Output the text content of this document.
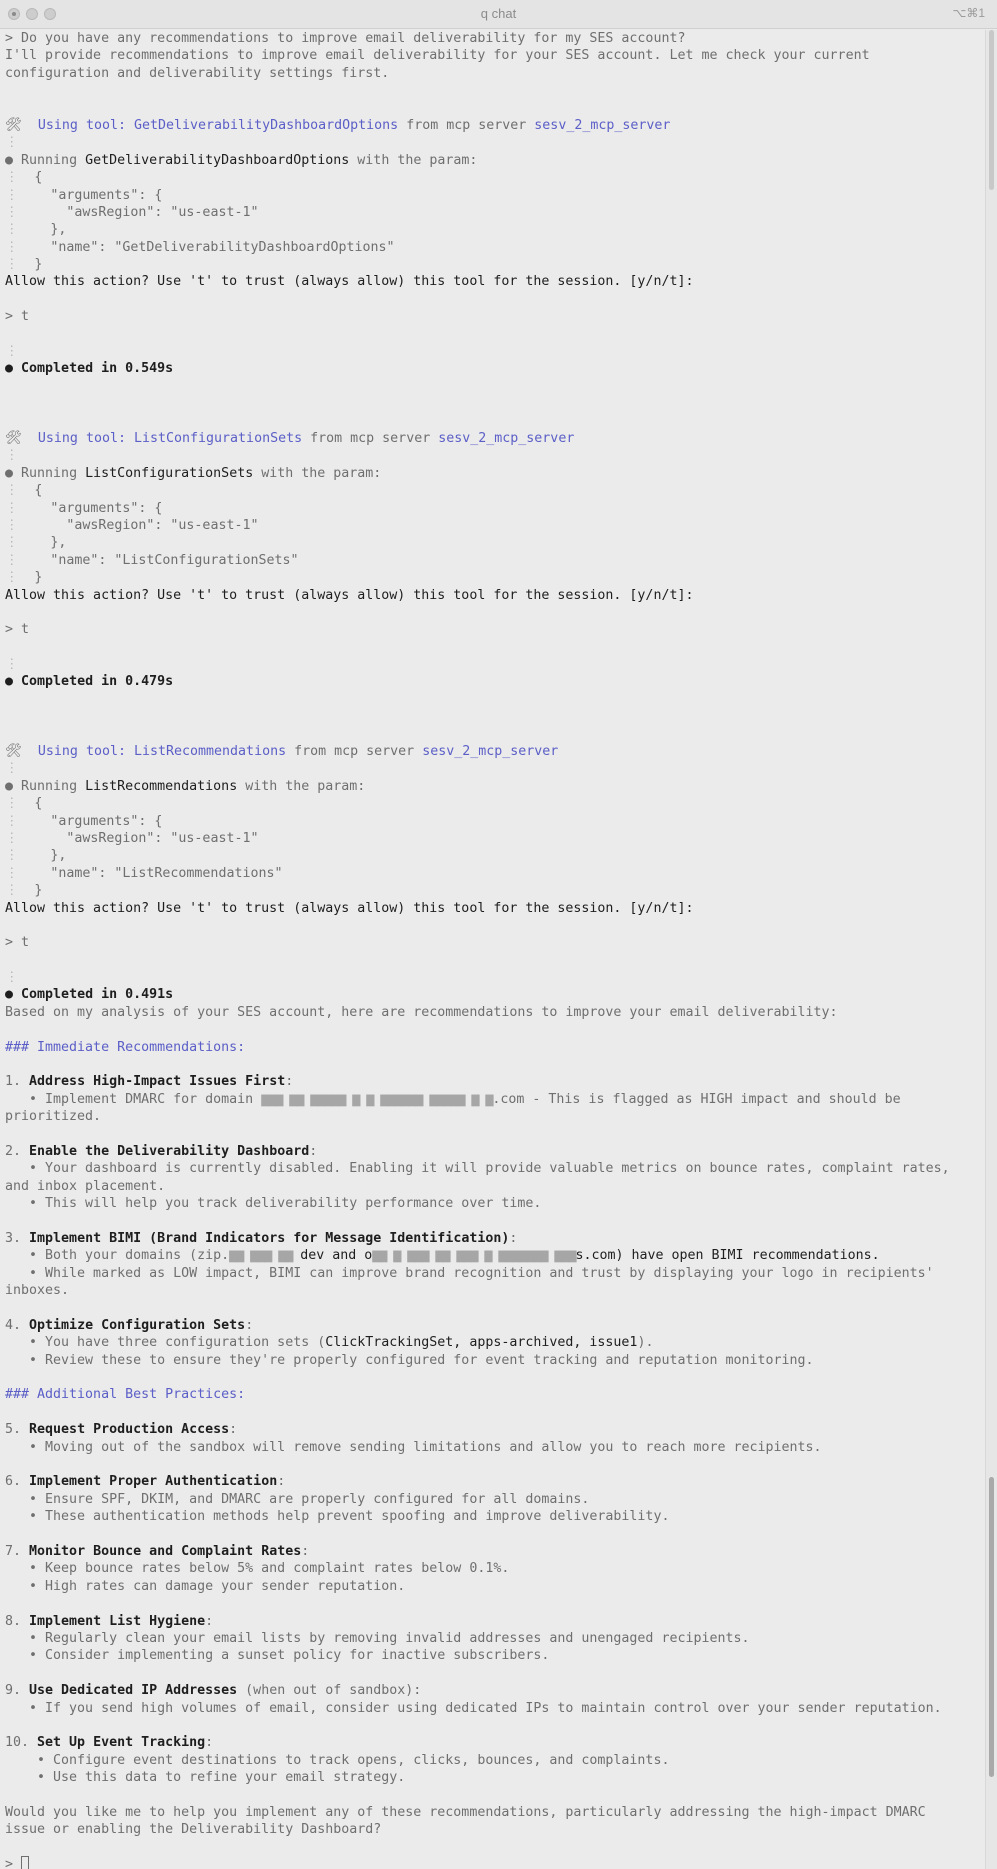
q chat	⌥⌘1
> Do you have any recommendations to improve email deliverability for my SES account?
I'll provide recommendations to improve email deliverability for your SES account. Let me check your current
configuration and deliverability settings first.
🛠 Using tool: GetDeliverabilityDashboardOptions from mcp server sesv_2_mcp_server
⋮
● Running GetDeliverabilityDashboardOptions with the param:
⋮ {
⋮ "arguments": {
⋮	"awsRegion": "us-east-1"
⋮ },
⋮ "name": "GetDeliverabilityDashboardOptions"
⋮ }
Allow this action? Use 't' to trust (always allow) this tool for the session. [y/n/t]:
> t
⋮
● Completed in 0.549s
🛠 Using tool: ListConfigurationSets from mcp server sesv_2_mcp_server
⋮
● Running ListConfigurationSets with the param:
⋮ {
⋮ "arguments": {
⋮	"awsRegion": "us-east-1"
⋮ },
⋮ "name": "ListConfigurationSets"
⋮ }
Allow this action? Use 't' to trust (always allow) this tool for the session. [y/n/t]:
> t
⋮
● Completed in 0.479s
🛠 Using tool: ListRecommendations from mcp server sesv_2_mcp_server
⋮
● Running ListRecommendations with the param:
⋮ {
⋮ "arguments": {
⋮	"awsRegion": "us-east-1"
⋮ },
⋮ "name": "ListRecommendations"
⋮ }
Allow this action? Use 't' to trust (always allow) this tool for the session. [y/n/t]:
> t
⋮
● Completed in 0.491s
Based on my analysis of your SES account, here are recommendations to improve your email deliverability:
### Immediate Recommendations:
1. Address High-Impact Issues First:
• Implement DMARC for domain ▆▆▆ ▆▆ ▆▆▆▆▆ ▆ ▆ ▆▆▆▆▆▆ ▆▆▆▆▆ ▆ ▆.com - This is flagged as HIGH impact and should be
prioritized.
2. Enable the Deliverability Dashboard:
• Your dashboard is currently disabled. Enabling it will provide valuable metrics on bounce rates, complaint rates,
and inbox placement.
• This will help you track deliverability performance over time.
3. Implement BIMI (Brand Indicators for Message Identification):
• Both your domains (zip.▆▆ ▆▆▆ ▆▆ dev and o▆▆ ▆ ▆▆▆ ▆▆ ▆▆▆ ▆ ▆▆▆▆▆▆▆ ▆▆▆s.com) have open BIMI recommendations.
• While marked as LOW impact, BIMI can improve brand recognition and trust by displaying your logo in recipients'
inboxes.
4. Optimize Configuration Sets:
• You have three configuration sets (ClickTrackingSet, apps-archived, issue1).
• Review these to ensure they're properly configured for event tracking and reputation monitoring.
### Additional Best Practices:
5. Request Production Access:
• Moving out of the sandbox will remove sending limitations and allow you to reach more recipients.
6. Implement Proper Authentication:
• Ensure SPF, DKIM, and DMARC are properly configured for all domains.
• These authentication methods help prevent spoofing and improve deliverability.
7. Monitor Bounce and Complaint Rates:
• Keep bounce rates below 5% and complaint rates below 0.1%.
• High rates can damage your sender reputation.
8. Implement List Hygiene:
• Regularly clean your email lists by removing invalid addresses and unengaged recipients.
• Consider implementing a sunset policy for inactive subscribers.
9. Use Dedicated IP Addresses (when out of sandbox):
• If you send high volumes of email, consider using dedicated IPs to maintain control over your sender reputation.
10. Set Up Event Tracking:
• Configure event destinations to track opens, clicks, bounces, and complaints.
• Use this data to refine your email strategy.
Would you like me to help you implement any of these recommendations, particularly addressing the high-impact DMARC
issue or enabling the Deliverability Dashboard?
>
